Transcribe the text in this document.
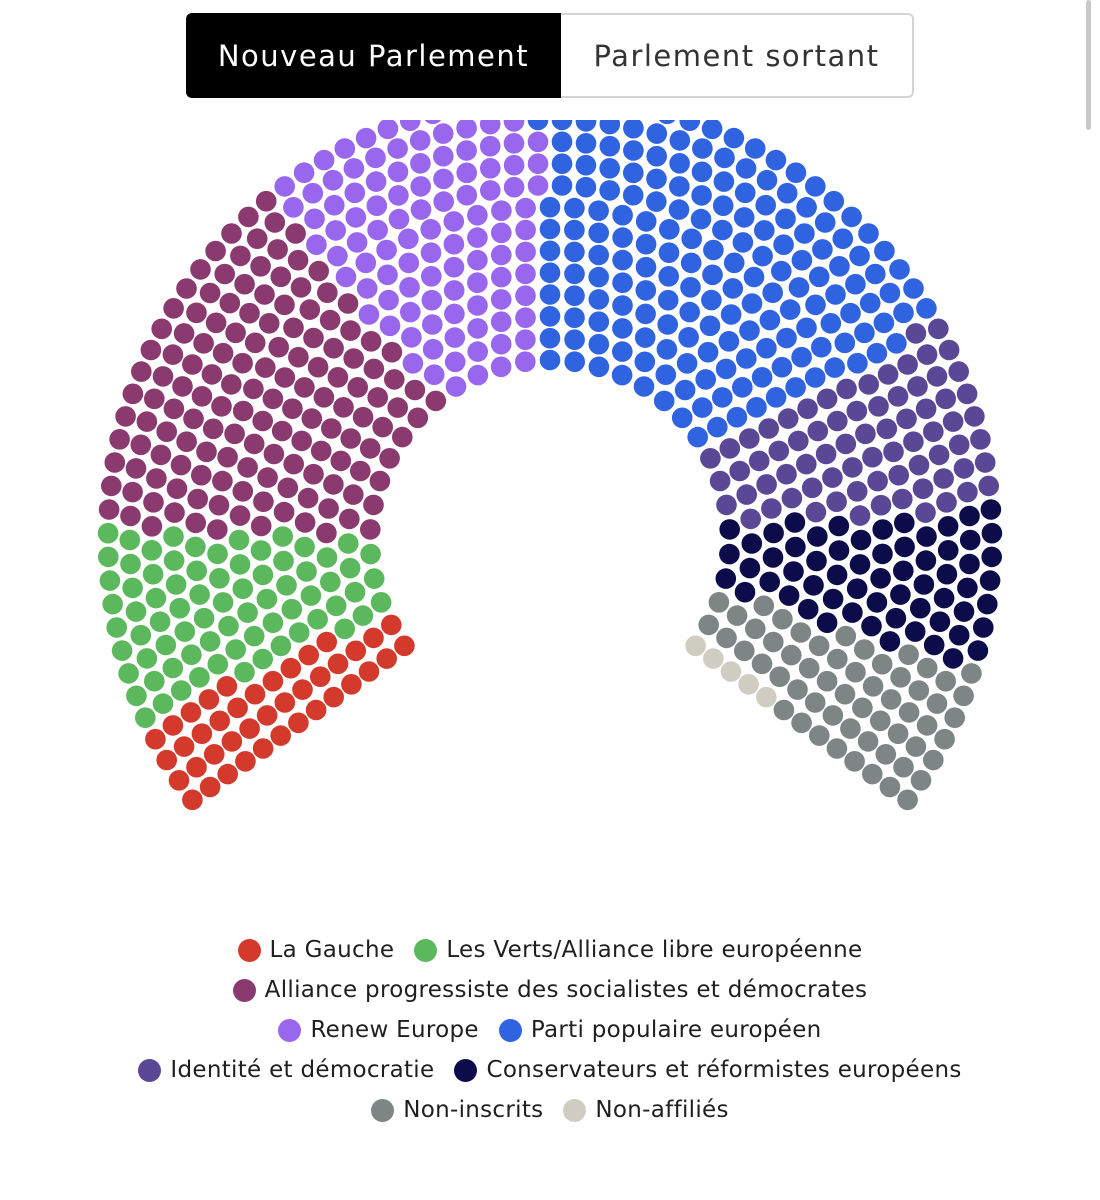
Nouveau Parlement	Parlement sortant
La Gauche Les Verts/Alliance libre européenne
Alliance progressiste des socialistes et démocrates
Renew Europe Parti populaire européen
Identité et démocratie Conservateurs et réformistes européens
Non-inscrits Non-affiliés
